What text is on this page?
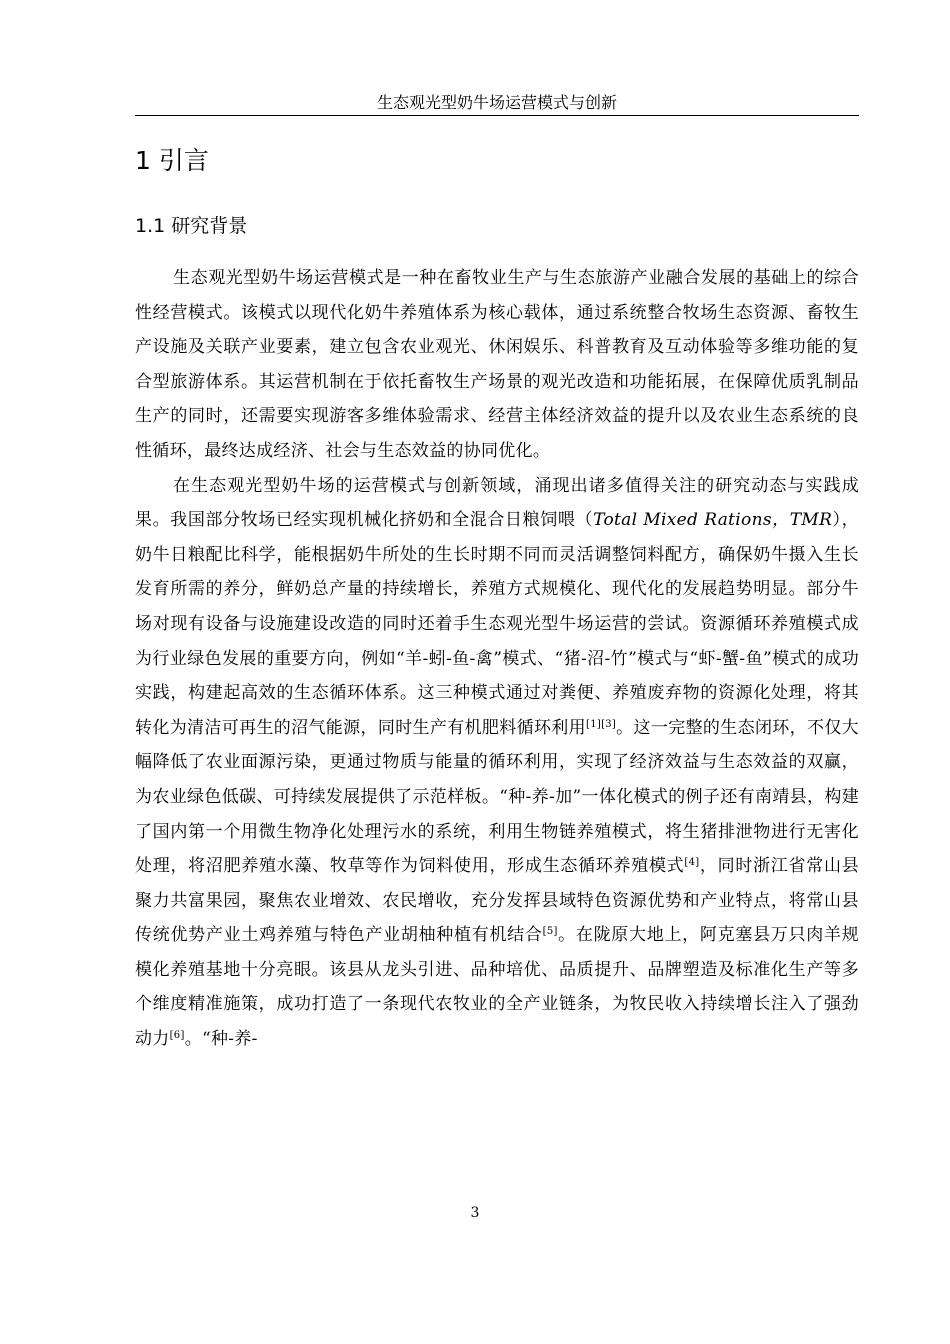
生态观光型奶牛场运营模式与创新
1 引言
1.1 研究背景

生态观光型奶牛场运营模式是一种在畜牧业生产与生态旅游产业融合发展的基础上的综合性经营模式。该模式以现代化奶牛养殖体系为核心载体，通过系统整合牧场生态资源、畜牧生产设施及关联产业要素，建立包含农业观光、休闲娱乐、科普教育及互动体验等多维功能的复合型旅游体系。其运营机制在于依托畜牧生产场景的观光改造和功能拓展，在保障优质乳制品生产的同时，还需要实现游客多维体验需求、经营主体经济效益的提升以及农业生态系统的良性循环，最终达成经济、社会与生态效益的协同优化。

在生态观光型奶牛场的运营模式与创新领域，涌现出诸多值得关注的研究动态与实践成果。我国部分牧场已经实现机械化挤奶和全混合日粮饲喂（Total Mixed Rations，TMR），奶牛日粮配比科学，能根据奶牛所处的生长时期不同而灵活调整饲料配方，确保奶牛摄入生长发育所需的养分，鲜奶总产量的持续增长，养殖方式规模化、现代化的发展趋势明显。部分牛场对现有设备与设施建设改造的同时还着手生态观光型牛场运营的尝试。资源循环养殖模式成为行业绿色发展的重要方向，例如“羊-蚓-鱼-禽”模式、“猪-沼-竹”模式与“虾-蟹-鱼”模式的成功实践，构建起高效的生态循环体系。这三种模式通过对粪便、养殖废弃物的资源化处理，将其转化为清洁可再生的沼气能源，同时生产有机肥料循环利用[1][3]。这一完整的生态闭环，不仅大幅降低了农业面源污染，更通过物质与能量的循环利用，实现了经济效益与生态效益的双赢，为农业绿色低碳、可持续发展提供了示范样板。“种-养-加”一体化模式的例子还有南靖县，构建了国内第一个用微生物净化处理污水的系统，利用生物链养殖模式，将生猪排泄物进行无害化处理，将沼肥养殖水藻、牧草等作为饲料使用，形成生态循环养殖模式[4]，同时浙江省常山县聚力共富果园，聚焦农业增效、农民增收，充分发挥县域特色资源优势和产业特点，将常山县传统优势产业土鸡养殖与特色产业胡柚种植有机结合[5]。在陇原大地上，阿克塞县万只肉羊规模化养殖基地十分亮眼。该县从龙头引进、品种培优、品质提升、品牌塑造及标准化生产等多个维度精准施策，成功打造了一条现代农牧业的全产业链条，为牧民收入持续增长注入了强劲动力[6]。“种-养-

3
